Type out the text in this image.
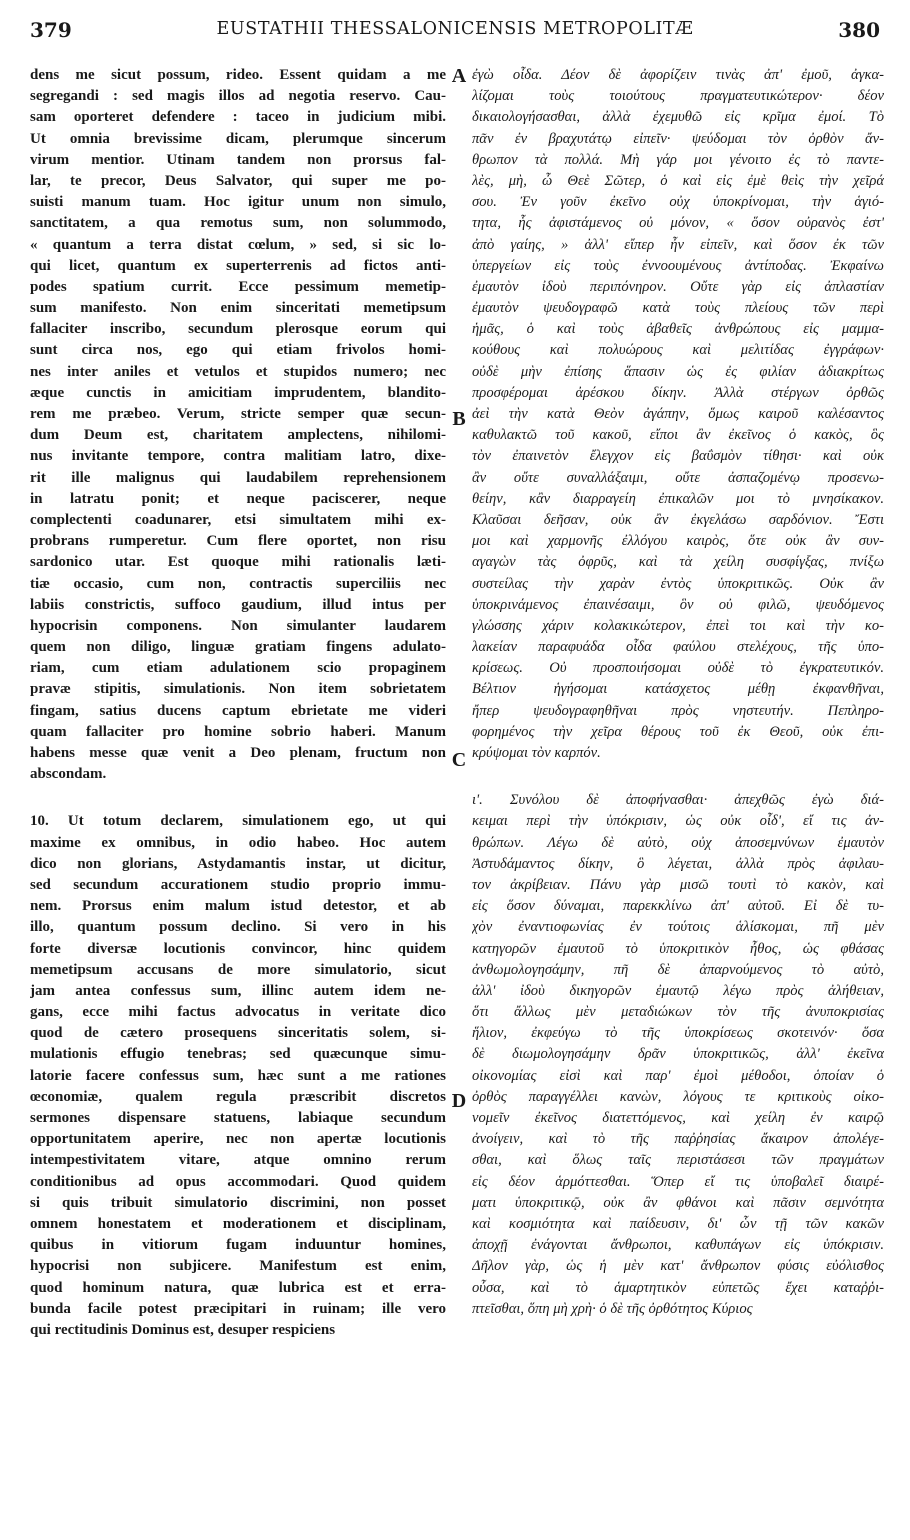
379	EUSTATHII THESSALONICENSIS METROPOLITÆ	380
dens me sicut possum, rideo. Essent quidam a me
segregandi : sed magis illos ad negotia reservo. Cau-
sam oporteret defendere : taceo in judicium mibi.
Ut omnia brevissime dicam, plerumque sincerum
virum mentior. Utinam tandem non prorsus fal-
lar, te precor, Deus Salvator, qui super me po-
suisti manum tuam. Hoc igitur unum non simulo,
sanctitatem, a qua remotus sum, non solummodo,
« quantum a terra distat cœlum, » sed, si sic lo-
qui licet, quantum ex superterrenis ad fictos anti-
podes spatium currit. Ecce pessimum memetip-
sum manifesto. Non enim sinceritati memetipsum
fallaciter inscribo, secundum plerosque eorum qui
sunt circa nos, ego qui etiam frivolos homi-
nes inter aniles et vetulos et stupidos numero; nec
æque cunctis in amicitiam imprudentem, blandito-
rem me præbeo. Verum, stricte semper quæ secun-
dum Deum est, charitatem amplectens, nihilomi-
nus invitante tempore, contra malitiam latro, dixe-
rit ille malignus qui laudabilem reprehensionem
in latratu ponit; et neque paciscerer, neque
complectenti coadunarer, etsi simultatem mihi ex-
probrans rumperetur. Cum flere oportet, non risu
sardonico utar. Est quoque mihi rationalis læti-
tiæ occasio, cum non, contractis superciliis nec
labiis constrictis, suffoco gaudium, illud intus per
hypocrisin componens. Non simulanter laudarem
quem non diligo, linguæ gratiam fingens adulato-
riam, cum etiam adulationem scio propaginem
pravæ stipitis, simulationis. Non item sobrietatem
fingam, satius ducens captum ebrietate me videri
quam fallaciter pro homine sobrio haberi. Manum
habens messe quæ venit a Deo plenam, fructum non
abscondam.
10. Ut totum declarem, simulationem ego, ut qui
maxime ex omnibus, in odio habeo. Hoc autem
dico non glorians, Astydamantis instar, ut dicitur,
sed secundum accurationem studio proprio immu-
nem. Prorsus enim malum istud detestor, et ab
illo, quantum possum declino. Si vero in his
forte diversæ locutionis convincor, hinc quidem
memetipsum accusans de more simulatorio, sicut
jam antea confessus sum, illinc autem idem ne-
gans, ecce mihi factus advocatus in veritate dico
quod de cætero prosequens sinceritatis solem, si-
mulationis effugio tenebras; sed quæcunque simu-
latorie facere confessus sum, hæc sunt a me rationes
œconomiæ, qualem regula præscribit discretos
sermones dispensare statuens, labiaque secundum
opportunitatem aperire, nec non apertæ locutionis
intempestivitatem vitare, atque omnino rerum
conditionibus ad opus accommodari. Quod quidem
si quis tribuit simulatorio discrimini, non posset
omnem honestatem et moderationem et disciplinam,
quibus in vitiorum fugam induuntur homines,
hypocrisi non subjicere. Manifestum est enim,
quod hominum natura, quæ lubrica est et erra-
bunda facile potest præcipitari in ruinam; ille vero
qui rectitudinis Dominus est, desuper respiciens
ἐγὼ οἶδα. Δέον δὲ ἀφορίζειν τινὰς ἀπ' ἐμοῦ, ἀγκα-
λίζομαι τοὺς τοιούτους πραγματευτικώτερον· δέον
δικαιολογήσασθαι, ἀλλὰ ἐχεμυθῶ εἰς κρῖμα ἐμοί. Τὸ
πᾶν ἐν βραχυτάτῳ εἰπεῖν· ψεύδομαι τὸν ὀρθὸν ἄν-
θρωπον τὰ πολλά. Μὴ γάρ μοι γένοιτο ἐς τὸ παντε-
λὲς, μὴ, ὦ Θεὲ Σῶτερ, ὁ καὶ εἰς ἐμὲ θεὶς τὴν χεῖρά
σου. Ἐν γοῦν ἐκεῖνο οὐχ ὑποκρίνομαι, τὴν ἁγιό-
τητα, ἧς ἀφιστάμενος οὐ μόνον, « ὅσον οὐρανὸς ἐστ'
ἀπὸ γαίης, » ἀλλ' εἴπερ ἦν εἰπεῖν, καὶ ὅσον ἐκ τῶν
ὑπεργείων εἰς τοὺς ἐννοουμένους ἀντίποδας. Ἐκφαίνω
ἐμαυτὸν ἰδοὺ περιπόνηρον. Οὔτε γὰρ εἰς ἀπλαστίαν
ἐμαυτὸν ψευδογραφῶ κατὰ τοὺς πλείους τῶν περὶ
ἡμᾶς, ὁ καὶ τοὺς ἀβαθεῖς ἀνθρώπους εἰς μαμμα-
κούθους καὶ πολυώρους καὶ μελιτίδας ἐγγράφων·
οὐδὲ μὴν ἐπίσης ἅπασιν ὡς ἐς φιλίαν ἀδιακρίτως
προσφέρομαι ἀρέσκου δίκην. Ἀλλὰ στέργων ὀρθῶς
ἀεὶ τὴν κατὰ Θεὸν ἀγάπην, ὅμως καιροῦ καλέσαντος
καθυλακτῶ τοῦ κακοῦ, εἴποι ἂν ἐκεῖνος ὁ κακὸς, ὃς
τὸν ἐπαινετὸν ἔλεγχον εἰς βαΰσμὸν τίθησι· καὶ οὐκ
ἂν οὔτε συναλλάξαιμι, οὔτε ἀσπαζομένῳ προσενω-
θείην, κἂν διαρραγείη ἐπικαλῶν μοι τὸ μνησίκακον.
Κλαῦσαι δεῆσαν, οὐκ ἂν ἐκγελάσω σαρδόνιον. Ἔστι
μοι καὶ χαρμονῆς ἐλλόγου καιρὸς, ὅτε οὐκ ἂν συν-
αγαγὼν τὰς ὀφρῦς, καὶ τὰ χείλη συσφίγξας, πνίξω
συστείλας τὴν χαρὰν ἐντὸς ὑποκριτικῶς. Οὐκ ἂν
ὑποκρινάμενος ἐπαινέσαιμι, ὃν οὐ φιλῶ, ψευδόμενος
γλώσσης χάριν κολακικώτερον, ἐπεὶ τοι καὶ τὴν κο-
λακείαν παραφυάδα οἶδα φαύλου στελέχους, τῆς ὑπο-
κρίσεως. Οὐ προσποιήσομαι οὐδὲ τὸ ἐγκρατευτικόν.
Βέλτιον ἡγήσομαι κατάσχετος μέθῃ ἐκφανθῆναι,
ἤπερ ψευδογραφηθῆναι πρὸς νηστευτήν. Πεπληρο-
φορημένος τὴν χεῖρα θέρους τοῦ ἐκ Θεοῦ, οὐκ ἐπι-
κρύψομαι τὸν καρπόν.
ι'. Συνόλου δὲ ἀποφήνασθαι· ἀπεχθῶς ἐγὼ διά-
κειμαι περὶ τὴν ὑπόκρισιν, ὡς οὐκ οἶδ', εἴ τις ἀν-
θρώπων. Λέγω δὲ αὐτὸ, οὐχ ἀποσεμνύνων ἐμαυτὸν
Ἀστυδάμαντος δίκην, ὃ λέγεται, ἀλλὰ πρὸς ἀφιλαυ-
τον ἀκρίβειαν. Πάνυ γὰρ μισῶ τουτὶ τὸ κακὸν, καὶ
εἰς ὅσον δύναμαι, παρεκκλίνω ἀπ' αὐτοῦ. Εἰ δὲ τυ-
χὸν ἐναντιοφωνίας ἐν τούτοις ἁλίσκομαι, πῆ μὲν
κατηγορῶν ἐμαυτοῦ τὸ ὑποκριτικὸν ἦθος, ὡς φθάσας
ἀνθωμολογησάμην, πῆ δὲ ἀπαρνούμενος τὸ αὐτὸ,
ἀλλ' ἰδοὺ δικηγορῶν ἐμαυτῷ λέγω πρὸς ἀλήθειαν,
ὅτι ἄλλως μὲν μεταδιώκων τὸν τῆς ἀνυποκρισίας
ἥλιον, ἐκφεύγω τὸ τῆς ὑποκρίσεως σκοτεινόν· ὅσα
δὲ διωμολογησάμην δρᾶν ὑποκριτικῶς, ἀλλ' ἐκεῖνα
οἰκονομίας εἰσὶ καὶ παρ' ἐμοὶ μέθοδοι, ὁποίαν ὁ
ὀρθὸς παραγγέλλει κανὼν, λόγους τε κριτικοὺς οἰκο-
νομεῖν ἐκεῖνος διατεττόμενος, καὶ χείλη ἐν καιρῷ
ἀνοίγειν, καὶ τὸ τῆς παῤῥησίας ἄκαιρον ἀπολέγε-
σθαι, καὶ ὅλως ταῖς περιστάσεσι τῶν πραγμάτων
εἰς δέον ἁρμόττεσθαι. Ὅπερ εἴ τις ὑποβαλεῖ διαιρέ-
ματι ὑποκριτικῷ, οὐκ ἂν φθάνοι καὶ πᾶσιν σεμνότητα
καὶ κοσμιότητα καὶ παίδευσιν, δι' ὧν τῇ τῶν κακῶν
ἀποχῇ ἐνάγονται ἄνθρωποι, καθυπάγων εἰς ὑπόκρισιν.
Δῆλον γὰρ, ὡς ἡ μὲν κατ' ἄνθρωπον φύσις εὐόλισθος
οὖσα, καὶ τὸ ἁμαρτητικὸν εὐπετῶς ἔχει καταῤῥι-
πτεῖσθαι, ὅπη μὴ χρὴ· ὁ δὲ τῆς ὀρθότητος Κύριος
A
B
C
D
